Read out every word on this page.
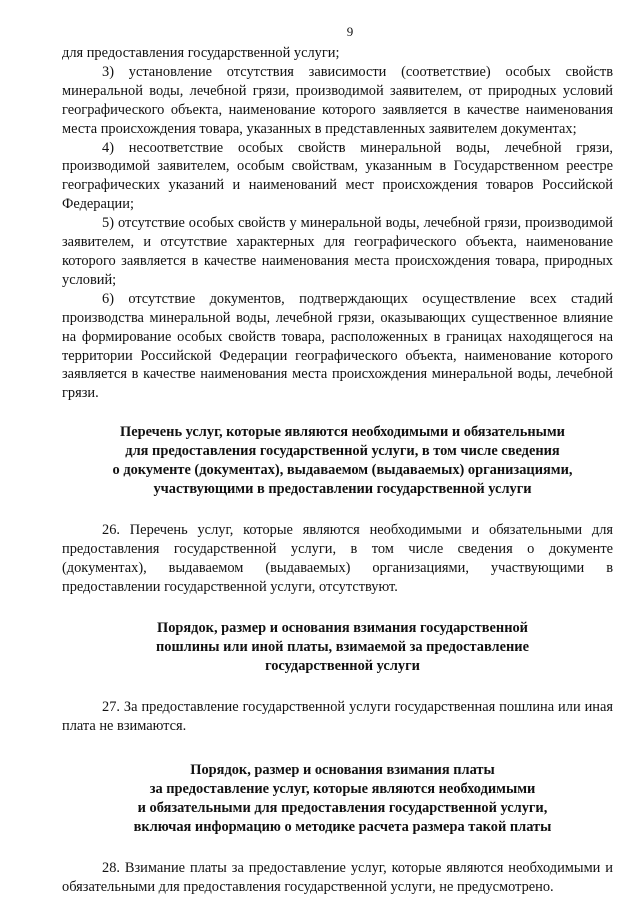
9

для предоставления государственной услуги;

3) установление отсутствия зависимости (соответствие) особых свойств минеральной воды, лечебной грязи, производимой заявителем, от природных условий географического объекта, наименование которого заявляется в качестве наименования места происхождения товара, указанных в представленных заявителем документах;

4) несоответствие особых свойств минеральной воды, лечебной грязи, производимой заявителем, особым свойствам, указанным в Государственном реестре географических указаний и наименований мест происхождения товаров Российской Федерации;

5) отсутствие особых свойств у минеральной воды, лечебной грязи, производимой заявителем, и отсутствие характерных для географического объекта, наименование которого заявляется в качестве наименования места происхождения товара, природных условий;

6) отсутствие документов, подтверждающих осуществление всех стадий производства минеральной воды, лечебной грязи, оказывающих существенное влияние на формирование особых свойств товара, расположенных в границах находящегося на территории Российской Федерации географического объекта, наименование которого заявляется в качестве наименования места происхождения минеральной воды, лечебной грязи.

Перечень услуг, которые являются необходимыми и обязательными
для предоставления государственной услуги, в том числе сведения
о документе (документах), выдаваемом (выдаваемых) организациями,
участвующими в предоставлении государственной услуги

26. Перечень услуг, которые являются необходимыми и обязательными для предоставления государственной услуги, в том числе сведения о документе (документах), выдаваемом (выдаваемых) организациями, участвующими в предоставлении государственной услуги, отсутствуют.

Порядок, размер и основания взимания государственной
пошлины или иной платы, взимаемой за предоставление
государственной услуги

27. За предоставление государственной услуги государственная пошлина или иная плата не взимаются.

Порядок, размер и основания взимания платы
за предоставление услуг, которые являются необходимыми
и обязательными для предоставления государственной услуги,
включая информацию о методике расчета размера такой платы

28. Взимание платы за предоставление услуг, которые являются необходимыми и обязательными для предоставления государственной услуги, не предусмотрено.
